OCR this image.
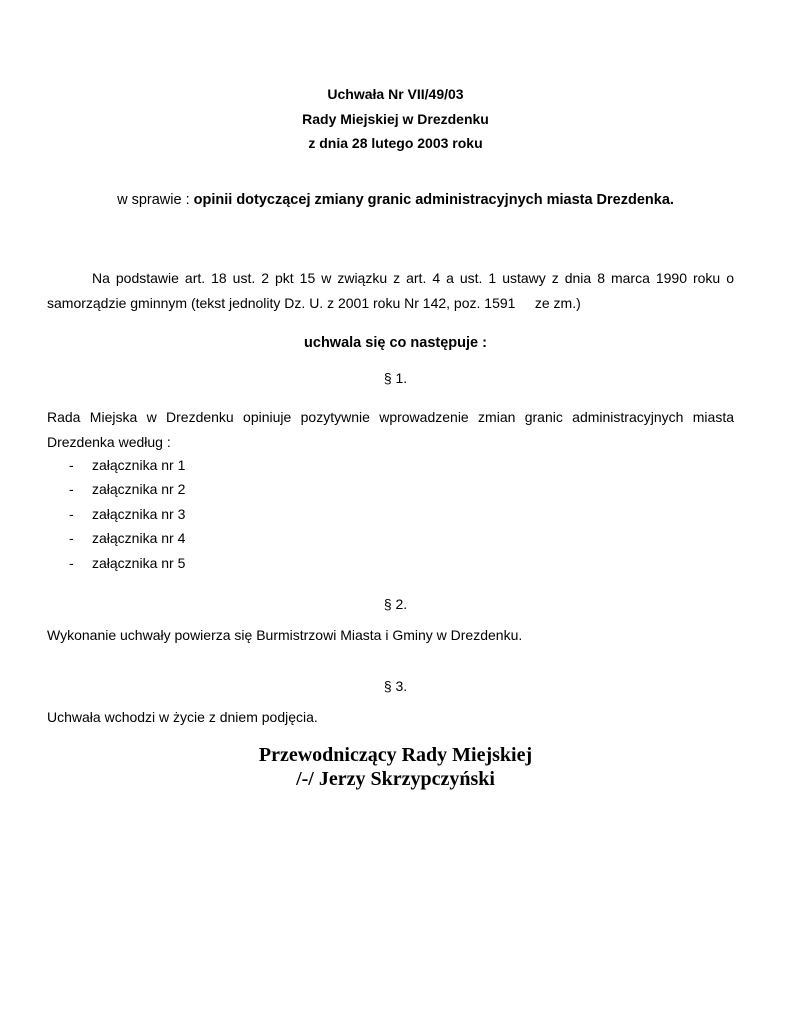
Uchwała Nr VII/49/03
Rady Miejskiej w Drezdenku
z dnia 28 lutego 2003 roku
w sprawie : opinii dotyczącej zmiany granic administracyjnych miasta Drezdenka.
Na podstawie art. 18 ust. 2 pkt 15 w związku z art. 4 a ust. 1 ustawy z dnia 8 marca 1990 roku o
samorządzie gminnym (tekst jednolity Dz. U. z 2001 roku Nr 142, poz. 1591     ze zm.)
uchwala się co następuje :
§ 1.
Rada Miejska w Drezdenku opiniuje pozytywnie wprowadzenie zmian granic administracyjnych miasta
Drezdenka według :
- załącznika nr 1
- załącznika nr 2
- załącznika nr 3
- załącznika nr 4
- załącznika nr 5
§ 2.
Wykonanie uchwały powierza się Burmistrzowi Miasta i Gminy w Drezdenku.
§ 3.
Uchwała wchodzi w życie z dniem podjęcia.
Przewodniczący Rady Miejskiej
/-/ Jerzy Skrzypczyński
